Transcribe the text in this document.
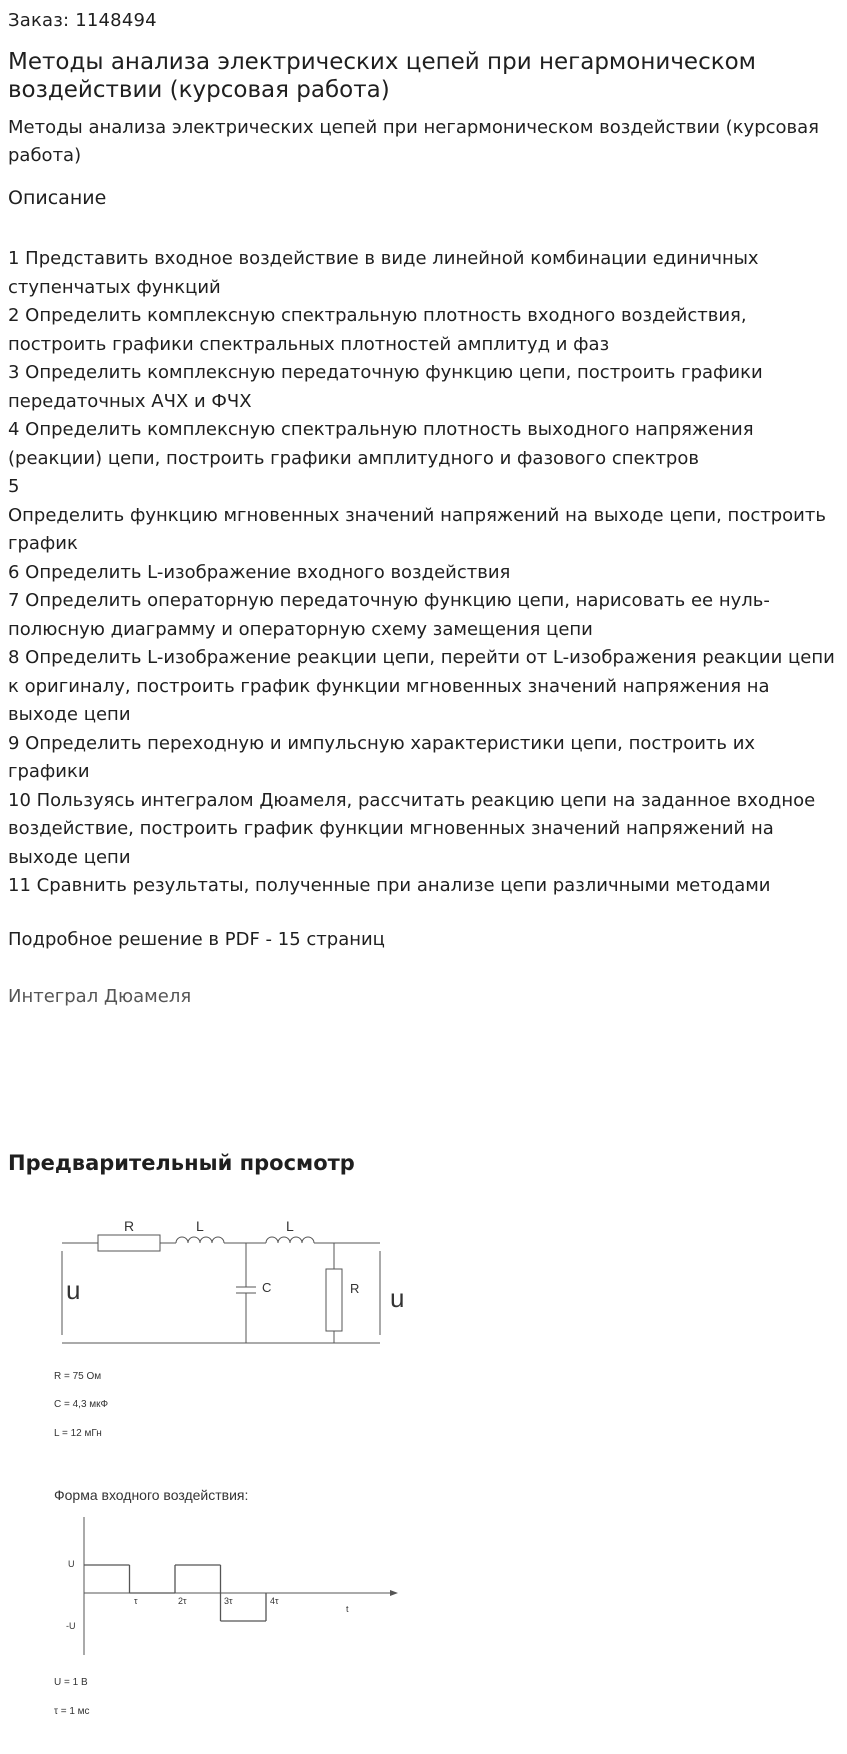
Заказ: 1148494
Методы анализа электрических цепей при негармоническом воздействии (курсовая работа)

Методы анализа электрических цепей при негармоническом воздействии (курсовая работа)

Описание
1 Представить входное воздействие в виде линейной комбинации единичных ступенчатых функций
2 Определить комплексную спектральную плотность входного воздействия, построить графики спектральных плотностей амплитуд и фаз
3 Определить комплексную передаточную функцию цепи, построить графики передаточных АЧХ и ФЧХ
4 Определить комплексную спектральную плотность выходного напряжения (реакции) цепи, построить графики амплитудного и фазового спектров
5
Определить функцию мгновенных значений напряжений на выходе цепи, построить график
6 Определить L-изображение входного воздействия
7 Определить операторную передаточную функцию цепи, нарисовать ее нуль-полюсную диаграмму и операторную схему замещения цепи
8 Определить L-изображение реакции цепи, перейти от L-изображения реакции цепи к оригиналу, построить график функции мгновенных значений напряжения на выходе цепи
9 Определить переходную и импульсную характеристики цепи, построить их графики
10 Пользуясь интегралом Дюамеля, рассчитать реакцию цепи на заданное входное воздействие, построить график функции мгновенных значений напряжений на выходе цепи
11 Сравнить результаты, полученные при анализе цепи различными методами
Подробное решение в PDF - 15 страниц
Интеграл Дюамеля
Предварительный просмотр
R	L	L
C	R
u	u
R = 75 Ом
C = 4,3 мкФ
L = 12 мГн
Форма входного воздействия:
U
-U
τ	2τ	3τ	4τ
t
U = 1 В
τ = 1 мс
